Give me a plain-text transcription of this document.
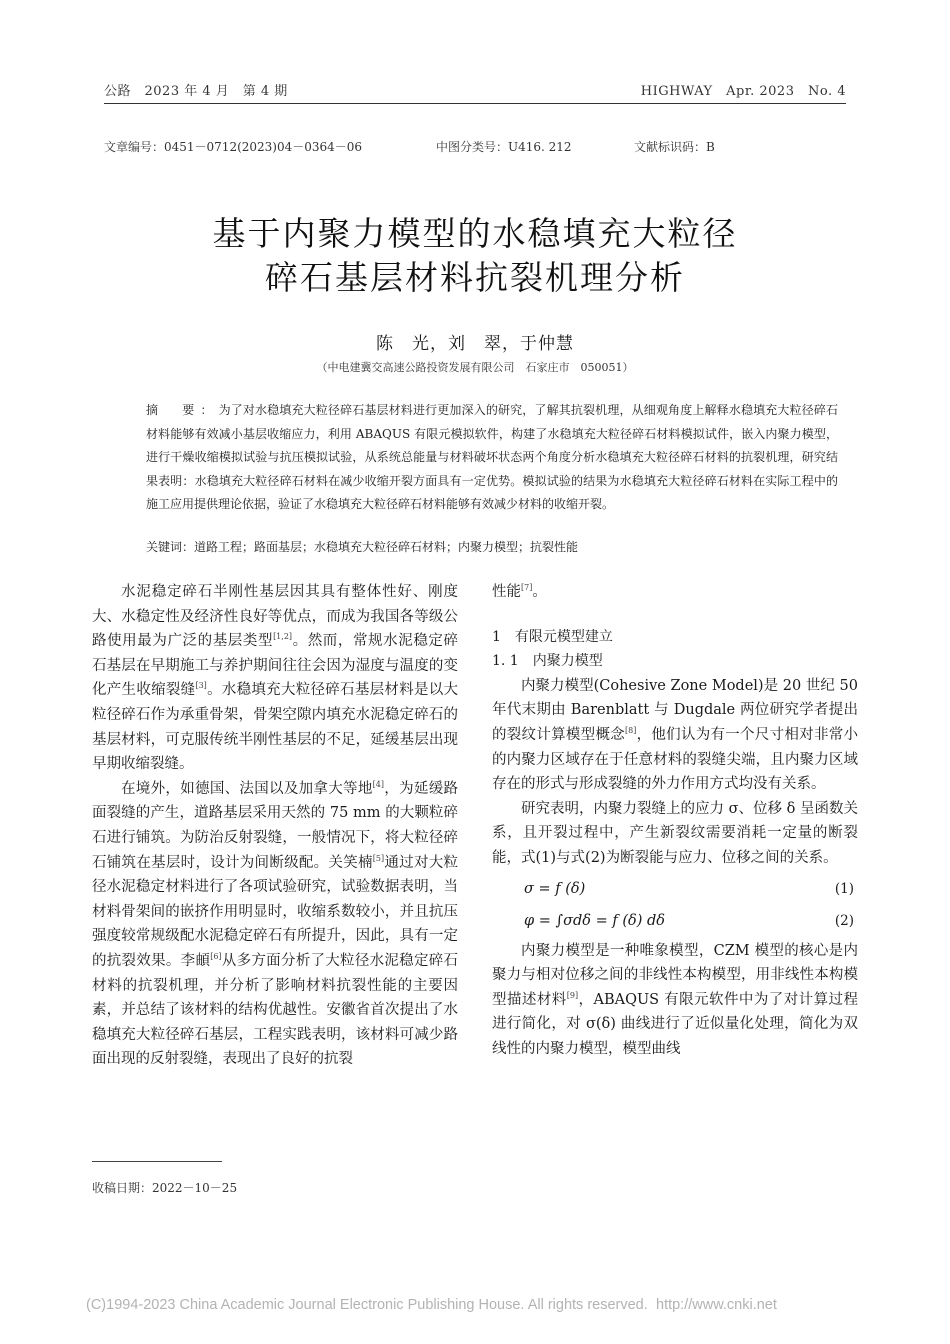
公路　2023 年 4 月　第 4 期	HIGHWAY　Apr. 2023　No. 4
文章编号：0451－0712(2023)04－0364－06	中图分类号：U416. 212	文献标识码：B
基于内聚力模型的水稳填充大粒径
碎石基层材料抗裂机理分析
陈　光，刘　翠，于仲慧
（中电建冀交高速公路投资发展有限公司　石家庄市　050051）
摘　要：为了对水稳填充大粒径碎石基层材料进行更加深入的研究，了解其抗裂机理，从细观角度上解释水稳填充大粒径碎石材料能够有效减小基层收缩应力，利用 ABAQUS 有限元模拟软件，构建了水稳填充大粒径碎石材料模拟试件，嵌入内聚力模型，进行干燥收缩模拟试验与抗压模拟试验，从系统总能量与材料破坏状态两个角度分析水稳填充大粒径碎石材料的抗裂机理，研究结果表明：水稳填充大粒径碎石材料在减少收缩开裂方面具有一定优势。模拟试验的结果为水稳填充大粒径碎石材料在实际工程中的施工应用提供理论依据，验证了水稳填充大粒径碎石材料能够有效减少材料的收缩开裂。
关键词：道路工程；路面基层；水稳填充大粒径碎石材料；内聚力模型；抗裂性能

水泥稳定碎石半刚性基层因其具有整体性好、刚度大、水稳定性及经济性良好等优点，而成为我国各等级公路使用最为广泛的基层类型[1,2]。然而，常规水泥稳定碎石基层在早期施工与养护期间往往会因为湿度与温度的变化产生收缩裂缝[3]。水稳填充大粒径碎石基层材料是以大粒径碎石作为承重骨架，骨架空隙内填充水泥稳定碎石的基层材料，可克服传统半刚性基层的不足，延缓基层出现早期收缩裂缝。

在境外，如德国、法国以及加拿大等地[4]，为延缓路面裂缝的产生，道路基层采用天然的 75 mm 的大颗粒碎石进行铺筑。为防治反射裂缝，一般情况下，将大粒径碎石铺筑在基层时，设计为间断级配。关笑楠[5]通过对大粒径水泥稳定材料进行了各项试验研究，试验数据表明，当材料骨架间的嵌挤作用明显时，收缩系数较小，并且抗压强度较常规级配水泥稳定碎石有所提升，因此，具有一定的抗裂效果。李頔[6]从多方面分析了大粒径水泥稳定碎石材料的抗裂机理，并分析了影响材料抗裂性能的主要因素，并总结了该材料的结构优越性。安徽省首次提出了水稳填充大粒径碎石基层，工程实践表明，该材料可减少路面出现的反射裂缝，表现出了良好的抗裂

性能[7]。

1　有限元模型建立

1. 1　内聚力模型

内聚力模型(Cohesive Zone Model)是 20 世纪 50 年代末期由 Barenblatt 与 Dugdale 两位研究学者提出的裂纹计算模型概念[8]，他们认为有一个尺寸相对非常小的内聚力区域存在于任意材料的裂缝尖端，且内聚力区域存在的形式与形成裂缝的外力作用方式均没有关系。

研究表明，内聚力裂缝上的应力 σ、位移 δ 呈函数关系，且开裂过程中，产生新裂纹需要消耗一定量的断裂能，式(1)与式(2)为断裂能与应力、位移之间的关系。

σ = f (δ)	(1)
φ = ∫σdδ = f (δ) dδ	(2)

内聚力模型是一种唯象模型，CZM 模型的核心是内聚力与相对位移之间的非线性本构模型，用非线性本构模型描述材料[9]，ABAQUS 有限元软件中为了对计算过程进行简化，对 σ(δ) 曲线进行了近似量化处理，简化为双线性的内聚力模型，模型曲线

收稿日期：2022－10－25
(C)1994-2023 China Academic Journal Electronic Publishing House. All rights reserved. http://www.cnki.net
